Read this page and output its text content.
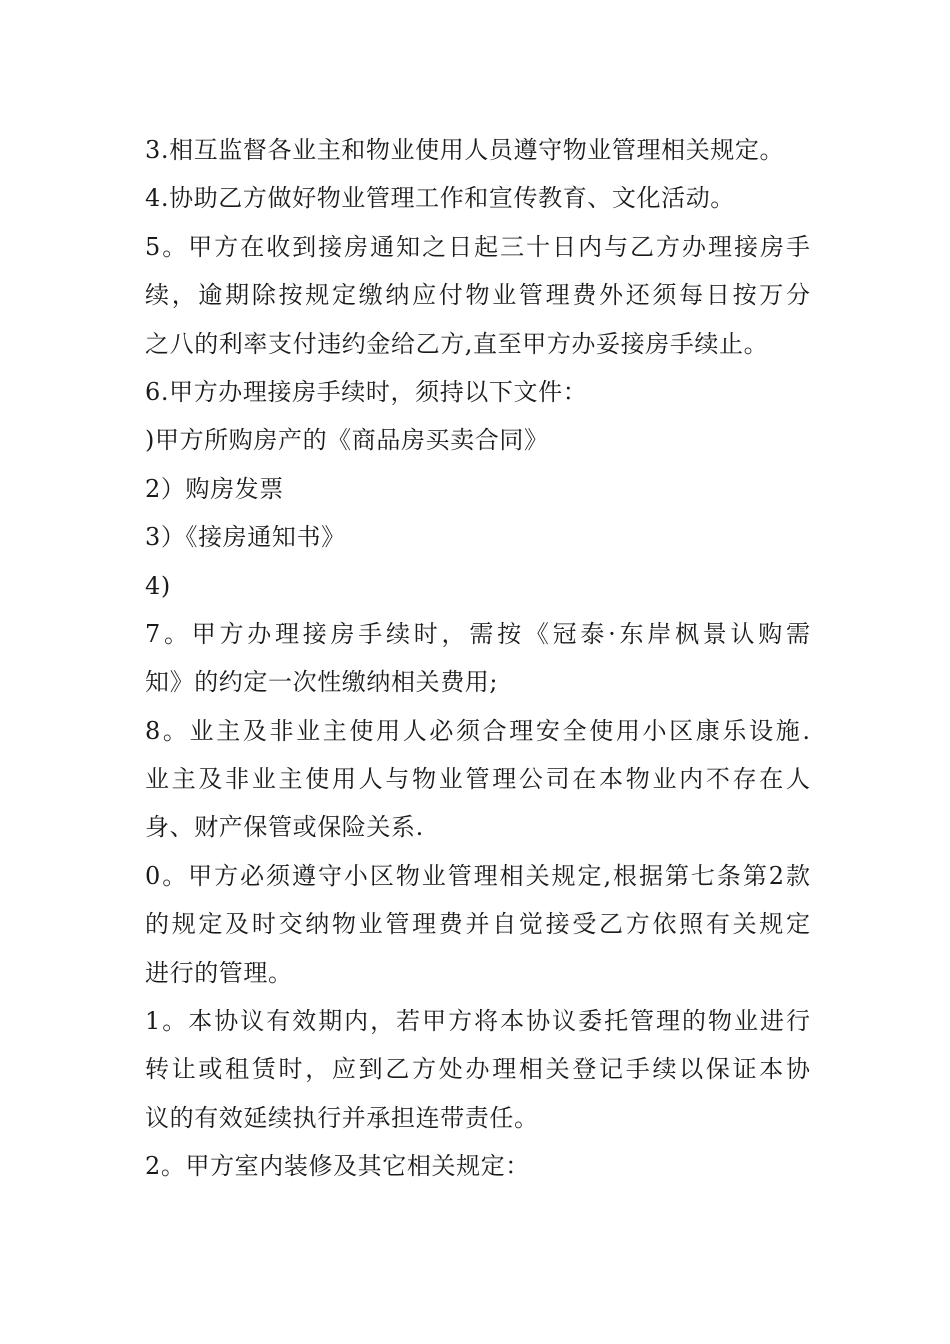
3.相互监督各业主和物业使用人员遵守物业管理相关规定。
4.协助乙方做好物业管理工作和宣传教育、文化活动。
5。甲方在收到接房通知之日起三十日内与乙方办理接房手
续，逾期除按规定缴纳应付物业管理费外还须每日按万分
之八的利率支付违约金给乙方,直至甲方办妥接房手续止。
6.甲方办理接房手续时，须持以下文件：
)甲方所购房产的《商品房买卖合同》
2）购房发票
3）《接房通知书》
4)
7。甲方办理接房手续时，需按《冠泰·东岸枫景认购需
知》的约定一次性缴纳相关费用;
8。业主及非业主使用人必须合理安全使用小区康乐设施.
业主及非业主使用人与物业管理公司在本物业内不存在人
身、财产保管或保险关系.
0。甲方必须遵守小区物业管理相关规定,根据第七条第2款
的规定及时交纳物业管理费并自觉接受乙方依照有关规定
进行的管理。
1。本协议有效期内，若甲方将本协议委托管理的物业进行
转让或租赁时，应到乙方处办理相关登记手续以保证本协
议的有效延续执行并承担连带责任。
2。甲方室内装修及其它相关规定：
